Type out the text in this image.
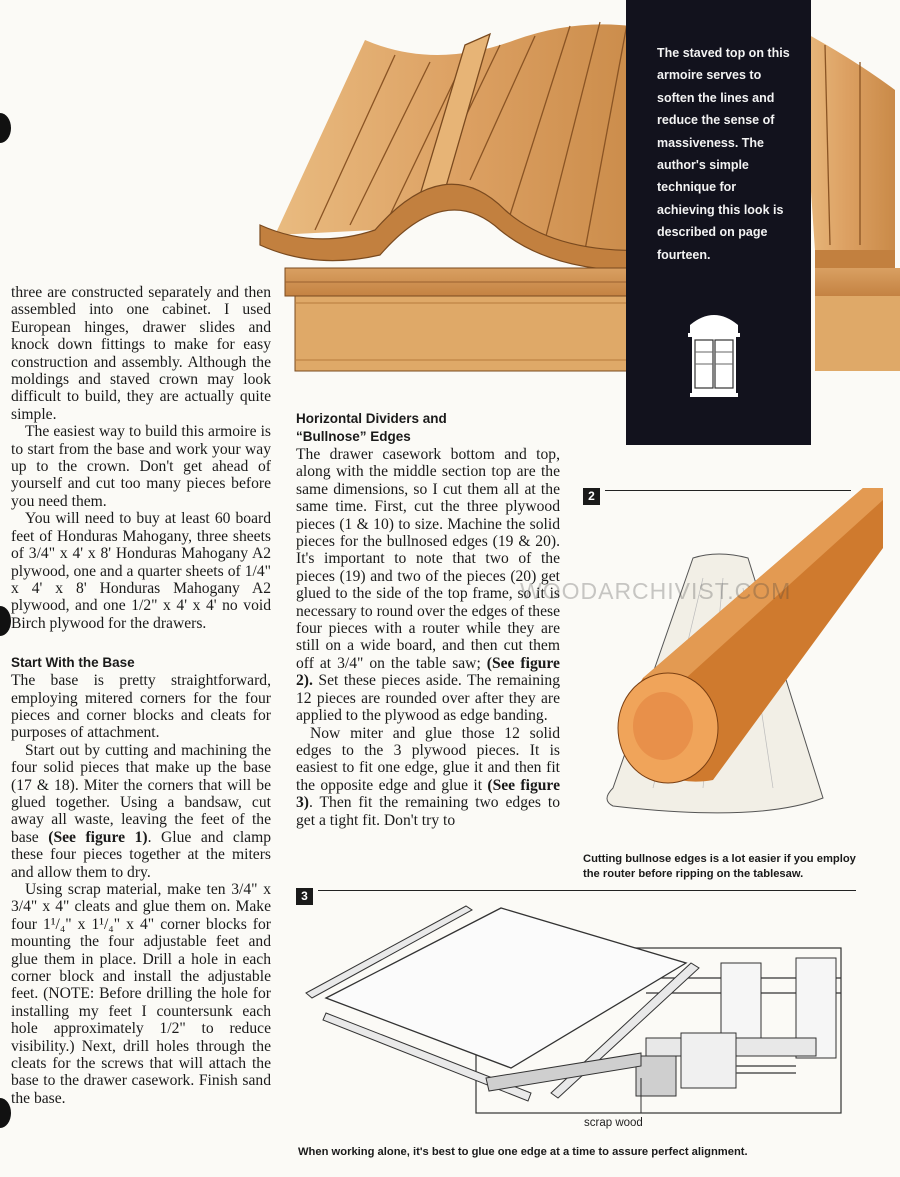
The staved top on this armoire serves to soften the lines and reduce the sense of massiveness. The author's simple technique for achieving this look is described on page fourteen.

three are constructed separately and then assembled into one cabinet. I used European hinges, drawer slides and knock down fittings to make for easy construction and assembly. Although the moldings and staved crown may look difficult to build, they are actually quite simple.

The easiest way to build this armoire is to start from the base and work your way up to the crown. Don't get ahead of yourself and cut too many pieces before you need them.

You will need to buy at least 60 board feet of Honduras Mahogany, three sheets of 3/4" x 4' x 8' Honduras Mahogany A2 plywood, one and a quarter sheets of 1/4" x 4' x 8' Honduras Mahogany A2 plywood, and one 1/2" x 4' x 4' no void Birch plywood for the drawers.

Start With the Base

The base is pretty straightforward, employing mitered corners for the four pieces and corner blocks and cleats for purposes of attachment.

Start out by cutting and machining the four solid pieces that make up the base (17 & 18). Miter the corners that will be glued together. Using a bandsaw, cut away all waste, leaving the feet of the base (See figure 1). Glue and clamp these four pieces together at the miters and allow them to dry.

Using scrap material, make ten 3/4" x 3/4" x 4" cleats and glue them on. Make four 1¹/₄" x 1¹/₄" x 4" corner blocks for mounting the four adjustable feet and glue them in place. Drill a hole in each corner block and install the adjustable feet. (NOTE: Before drilling the hole for installing my feet I countersunk each hole approximately 1/2" to reduce visibility.) Next, drill holes through the cleats for the screws that will attach the base to the drawer casework. Finish sand the base.

Horizontal Dividers and
“Bullnose” Edges

The drawer casework bottom and top, along with the middle section top are the same dimensions, so I cut them all at the same time. First, cut the three plywood pieces (1 & 10) to size. Machine the solid pieces for the bullnosed edges (19 & 20). It's important to note that two of the pieces (19) and two of the pieces (20) get glued to the side of the top frame, so it is necessary to round over the edges of these four pieces with a router while they are still on a wide board, and then cut them off at 3/4" on the table saw; (See figure 2). Set these pieces aside. The remaining 12 pieces are rounded over after they are applied to the plywood as edge banding.

Now miter and glue those 12 solid edges to the 3 plywood pieces. It is easiest to fit one edge, glue it and then fit the opposite edge and glue it (See figure 3). Then fit the remaining two edges to get a tight fit. Don't try to

2
Cutting bullnose edges is a lot easier if you employ the router before ripping on the tablesaw.
WOODARCHIVIST.COM
3
scrap wood
When working alone, it's best to glue one edge at a time to assure perfect alignment.
